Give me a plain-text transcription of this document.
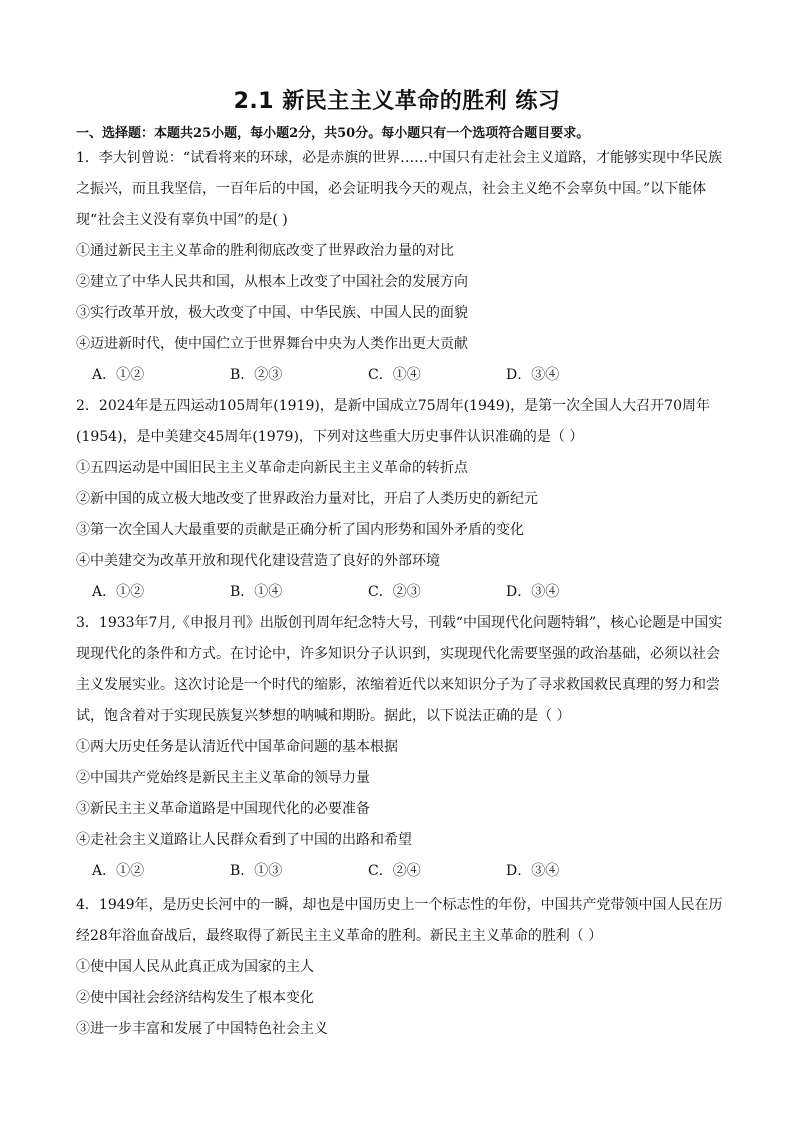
2.1 新民主主义革命的胜利 练习
一、选择题：本题共25小题，每小题2分，共50分。每小题只有一个选项符合题目要求。
1．李大钊曾说：“试看将来的环球，必是赤旗的世界……中国只有走社会主义道路，才能够实现中华民族
之振兴，而且我坚信，一百年后的中国，必会证明我今天的观点，社会主义绝不会辜负中国。”以下能体
现“社会主义没有辜负中国”的是( )
①通过新民主主义革命的胜利彻底改变了世界政治力量的对比
②建立了中华人民共和国，从根本上改变了中国社会的发展方向
③实行改革开放，极大改变了中国、中华民族、中国人民的面貌
④迈进新时代，使中国伫立于世界舞台中央为人类作出更大贡献
A．①②	B．②③	C．①④	D．③④
2．2024年是五四运动105周年(1919)，是新中国成立75周年(1949)，是第一次全国人大召开70周年
(1954)，是中美建交45周年(1979)，下列对这些重大历史事件认识准确的是（ ）
①五四运动是中国旧民主主义革命走向新民主主义革命的转折点
②新中国的成立极大地改变了世界政治力量对比，开启了人类历史的新纪元
③第一次全国人大最重要的贡献是正确分析了国内形势和国外矛盾的变化
④中美建交为改革开放和现代化建设营造了良好的外部环境
A．①②	B．①④	C．②③	D．③④
3．1933年7月,《申报月刊》出版创刊周年纪念特大号，刊载“中国现代化问题特辑”，核心论题是中国实
现现代化的条件和方式。在讨论中，许多知识分子认识到，实现现代化需要坚强的政治基础，必须以社会
主义发展实业。这次讨论是一个时代的缩影，浓缩着近代以来知识分子为了寻求救国救民真理的努力和尝
试，饱含着对于实现民族复兴梦想的呐喊和期盼。据此，以下说法正确的是（ ）
①两大历史任务是认清近代中国革命问题的基本根据
②中国共产党始终是新民主主义革命的领导力量
③新民主主义革命道路是中国现代化的必要准备
④走社会主义道路让人民群众看到了中国的出路和希望
A．①②	B．①③	C．②④	D．③④
4．1949年，是历史长河中的一瞬，却也是中国历史上一个标志性的年份，中国共产党带领中国人民在历
经28年浴血奋战后，最终取得了新民主主义革命的胜利。新民主主义革命的胜利（ ）
①使中国人民从此真正成为国家的主人
②使中国社会经济结构发生了根本变化
③进一步丰富和发展了中国特色社会主义
